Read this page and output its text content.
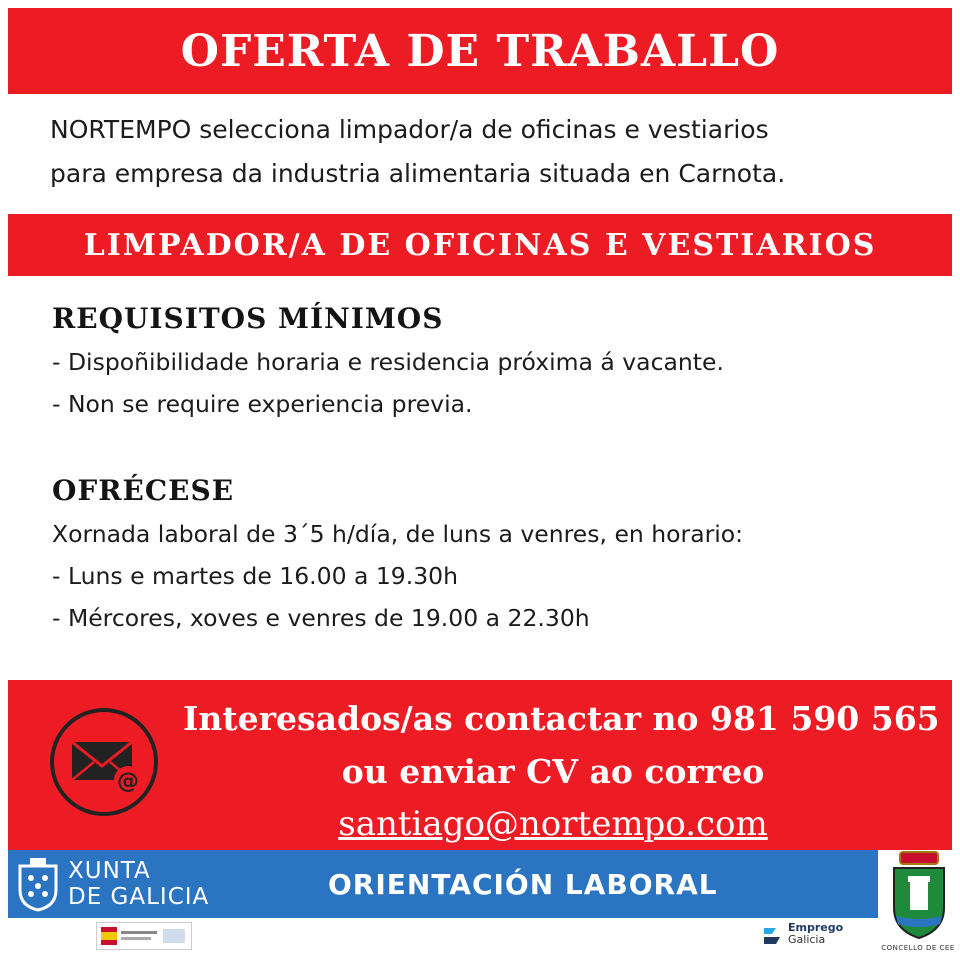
OFERTA DE TRABALLO
NORTEMPO selecciona limpador/a de oficinas e vestiarios
para empresa da industria alimentaria situada en Carnota.
LIMPADOR/A DE OFICINAS E VESTIARIOS
REQUISITOS MÍNIMOS
- Dispoñibilidade horaria e residencia próxima á vacante.
- Non se require experiencia previa.
OFRÉCESE
Xornada laboral de 3´5 h/día, de luns a venres, en horario:
- Luns e martes de 16.00 a 19.30h
- Mércores, xoves e venres de 19.00 a 22.30h
@
Interesados/as contactar no 981 590 565
ou enviar CV ao correo
santiago@nortempo.com
XUNTA
DE GALICIA	ORIENTACIÓN LABORAL
Emprego
Galicia
CONCELLO DE CEE
